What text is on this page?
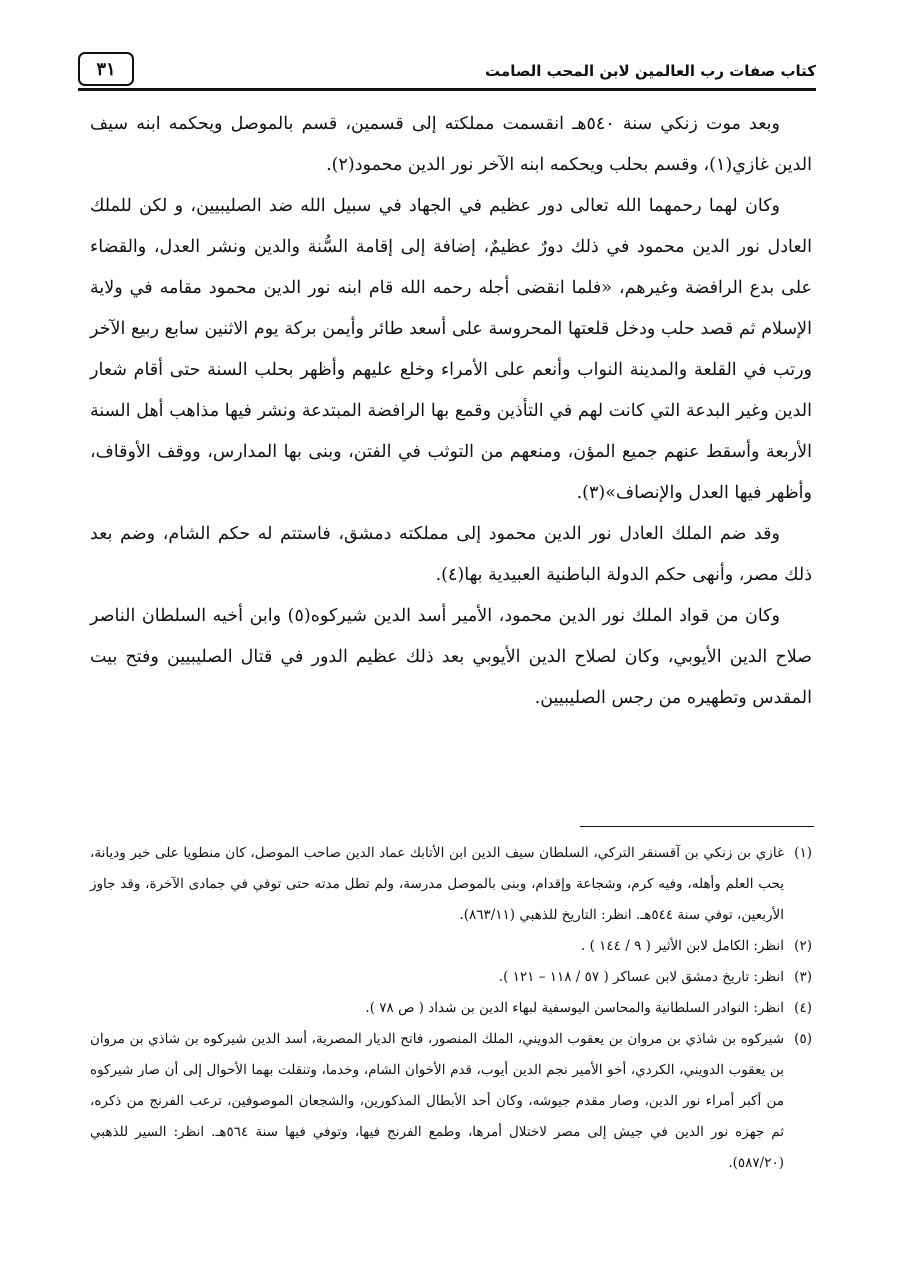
كتاب صفات رب العالمين لابن المحب الصامت
٣١

وبعد موت زنكي سنة ٥٤٠هـ انقسمت مملكته إلى قسمين، قسم بالموصل ويحكمه ابنه سيف الدين غازي(١)، وقسم بحلب ويحكمه ابنه الآخر نور الدين محمود(٢).

وكان لهما رحمهما الله تعالى دور عظيم في الجهاد في سبيل الله ضد الصليبيين، و لكن للملك العادل نور الدين محمود في ذلك دورٌ عظيمٌ، إضافة إلى إقامة السُّنة والدين ونشر العدل، والقضاء على بدع الرافضة وغيرهم، «فلما انقضى أجله رحمه الله قام ابنه نور الدين محمود مقامه في ولاية الإسلام ثم قصد حلب ودخل قلعتها المحروسة على أسعد طائر وأيمن بركة يوم الاثنين سابع ربيع الآخر ورتب في القلعة والمدينة النواب وأنعم على الأمراء وخلع عليهم وأظهر بحلب السنة حتى أقام شعار الدين وغير البدعة التي كانت لهم في التأذين وقمع بها الرافضة المبتدعة ونشر فيها مذاهب أهل السنة الأربعة وأسقط عنهم جميع المؤن، ومنعهم من التوثب في الفتن، وبنى بها المدارس، ووقف الأوقاف، وأظهر فيها العدل والإنصاف»(٣).

وقد ضم الملك العادل نور الدين محمود إلى مملكته دمشق، فاستتم له حكم الشام، وضم بعد ذلك مصر، وأنهى حكم الدولة الباطنية العبيدية بها(٤).

وكان من قواد الملك نور الدين محمود، الأمير أسد الدين شيركوه(٥) وابن أخيه السلطان الناصر صلاح الدين الأيوبي، وكان لصلاح الدين الأيوبي بعد ذلك عظيم الدور في قتال الصليبيين وفتح بيت المقدس وتطهيره من رجس الصليبيين.

(١)
غازي بن زنكي بن آقسنقر التركي، السلطان سيف الدين ابن الأتابك عماد الدين صاحب الموصل، كان منطويا على خير وديانة، يحب العلم وأهله، وفيه كرم، وشجاعة وإقدام، وبنى بالموصل مدرسة، ولم تطل مدته حتى توفي في جمادى الآخرة، وقد جاوز الأربعين، توفي سنة ٥٤٤هـ. انظر: التاريخ للذهبي (٨٦٣/١١).
(٢)
انظر: الكامل لابن الأثير ( ٩ / ١٤٤ ) .
(٣)
انظر: تاريخ دمشق لابن عساكر ( ٥٧ / ١١٨ – ١٢١ ).
(٤)
انظر: النوادر السلطانية والمحاسن اليوسفية لبهاء الدين بن شداد ( ص ٧٨ ).
(٥)
شيركوه بن شاذي بن مروان بن يعقوب الدويني، الملك المنصور، فاتح الديار المصرية، أسد الدين شيركوه بن شاذي بن مروان بن يعقوب الدويني، الكردي، أخو الأمير نجم الدين أيوب، قدم الأخوان الشام، وخدما، وتنقلت بهما الأحوال إلى أن صار شيركوه من أكبر أمراء نور الدين، وصار مقدم جيوشه، وكان أحد الأبطال المذكورين، والشجعان الموصوفين، ترعب الفرنج من ذكره، ثم جهزه نور الدين في جيش إلى مصر لاختلال أمرها، وطمع الفرنج فيها، وتوفي فيها سنة ٥٦٤هـ. انظر: السير للذهبي (٥٨٧/٢٠).
